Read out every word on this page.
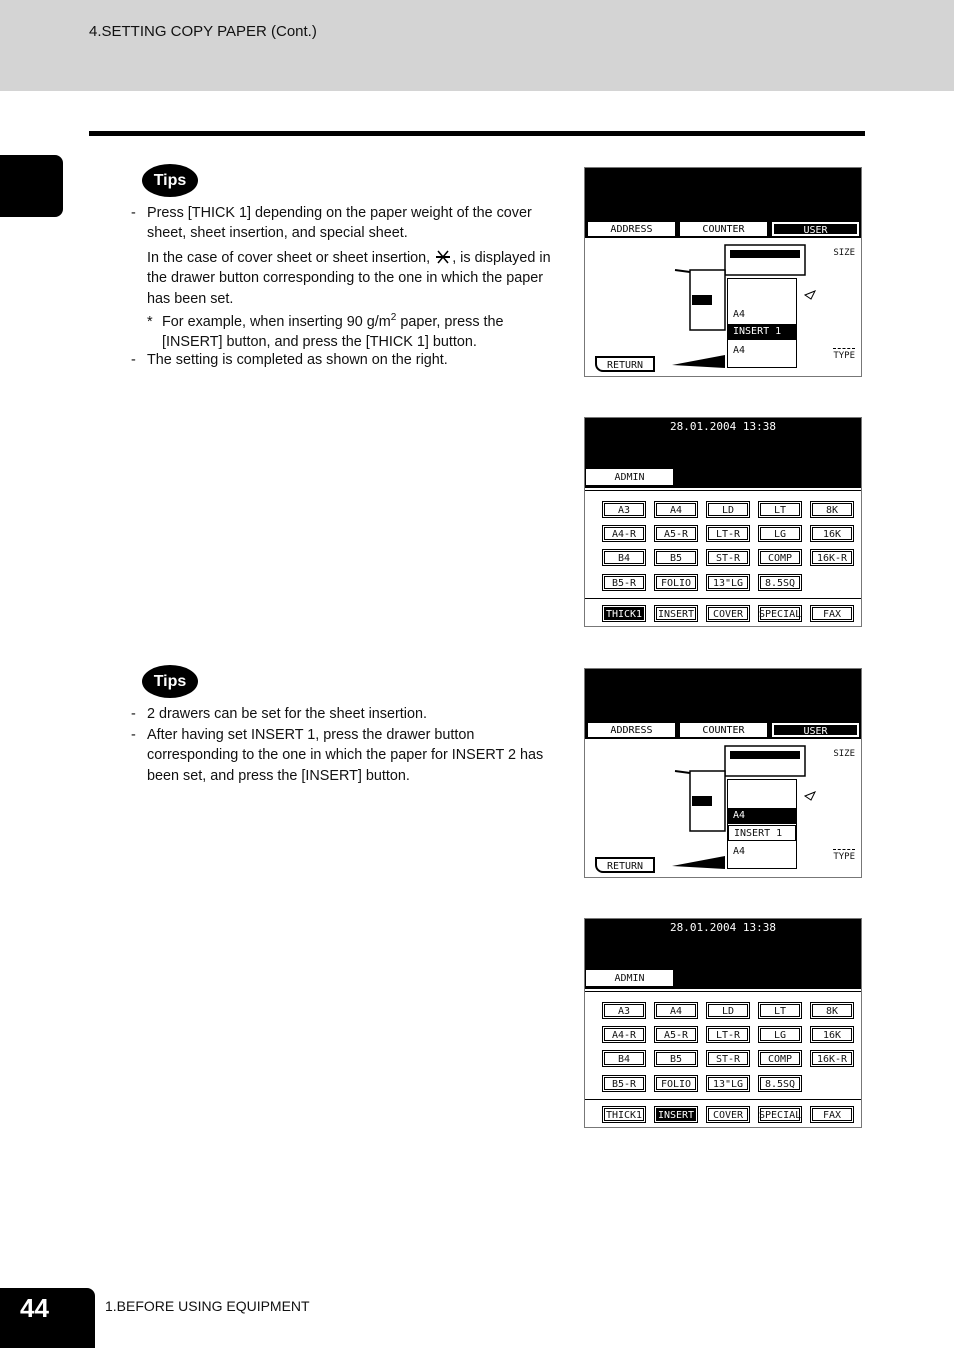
4.SETTING COPY PAPER (Cont.)
Tips
- Press [THICK 1] depending on the paper weight of the cover sheet, sheet insertion, and special sheet.
In the case of cover sheet or sheet insertion, , is displayed in the drawer button corresponding to the one in which the paper has been set.
* For example, when inserting 90 $g/m^2$ paper, press the [INSERT] button, and press the [THICK 1] button.
- The setting is completed as shown on the right.
Tips
- 2 drawers can be set for the sheet insertion.
- After having set INSERT 1, press the drawer button corresponding to the one in which the paper for INSERT 2 has been set, and press the [INSERT] button.
ADDRESS	COUNTER	USER
SIZE
A4
INSERT 1
A4	TYPE
RETURN
28.01.2004 13:38
ADMIN
A3	A4	LD	LT	8K
A4-R	A5-R	LT-R	LG	16K
B4	B5	ST-R	COMP	16K-R
B5-R	FOLIO	13"LG	8.5SQ
THICK1	INSERT	COVER	SPECIAL	FAX
ADDRESS	COUNTER	USER
SIZE
A4
INSERT 1
A4	TYPE
RETURN
28.01.2004 13:38
ADMIN
A3	A4	LD	LT	8K
A4-R	A5-R	LT-R	LG	16K
B4	B5	ST-R	COMP	16K-R
B5-R	FOLIO	13"LG	8.5SQ
THICK1	INSERT	COVER	SPECIAL	FAX
44	1.BEFORE USING EQUIPMENT
